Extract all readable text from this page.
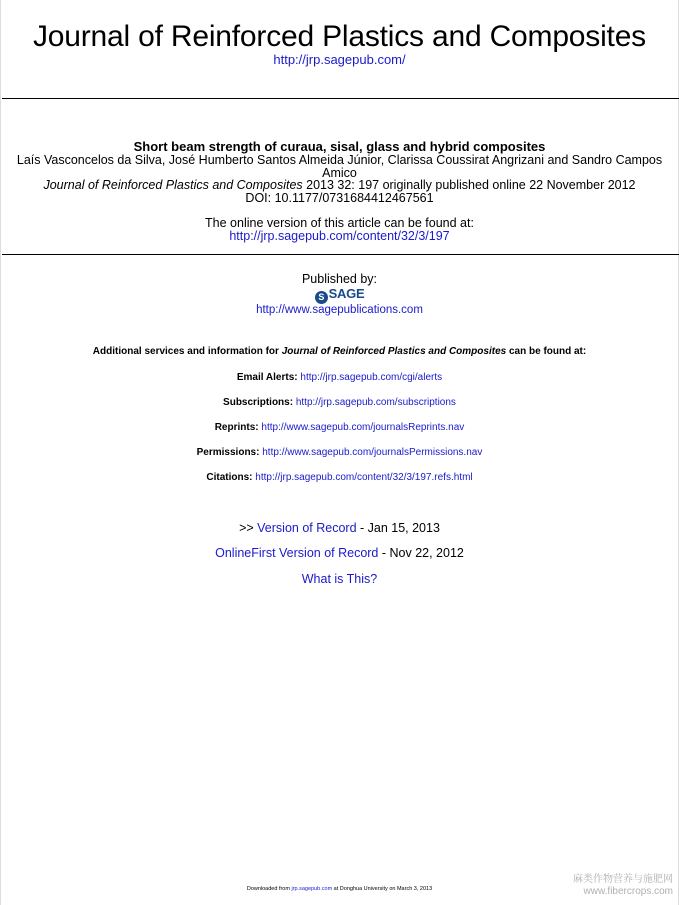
Journal of Reinforced Plastics and Composites
http://jrp.sagepub.com/
Short beam strength of curaua, sisal, glass and hybrid composites
Laís Vasconcelos da Silva, José Humberto Santos Almeida Júnior, Clarissa Coussirat Angrizani and Sandro Campos
Amico
Journal of Reinforced Plastics and Composites 2013 32: 197 originally published online 22 November 2012
DOI: 10.1177/0731684412467561
The online version of this article can be found at:
http://jrp.sagepub.com/content/32/3/197
Published by:
S SAGE
http://www.sagepublications.com
Additional services and information for Journal of Reinforced Plastics and Composites can be found at:
Email Alerts: http://jrp.sagepub.com/cgi/alerts
Subscriptions: http://jrp.sagepub.com/subscriptions
Reprints: http://www.sagepub.com/journalsReprints.nav
Permissions: http://www.sagepub.com/journalsPermissions.nav
Citations: http://jrp.sagepub.com/content/32/3/197.refs.html
>> Version of Record - Jan 15, 2013
OnlineFirst Version of Record - Nov 22, 2012
What is This?
Downloaded from jrp.sagepub.com at Donghua University on March 3, 2013
麻类作物营养与施肥网
www.fibercrops.com
